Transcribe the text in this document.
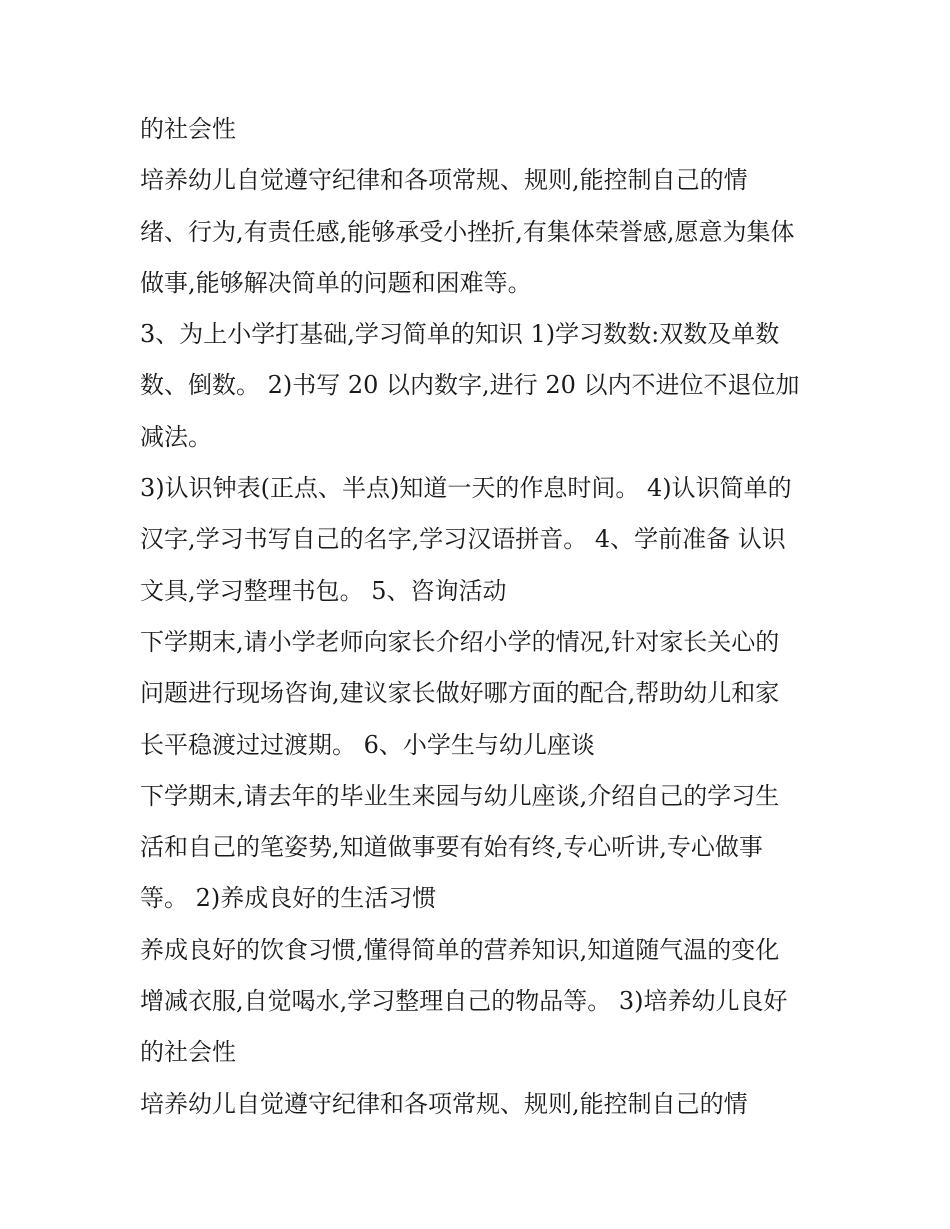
的社会性
培养幼儿自觉遵守纪律和各项常规、规则,能控制自己的情
绪、行为,有责任感,能够承受小挫折,有集体荣誉感,愿意为集体
做事,能够解决简单的问题和困难等。
3、为上小学打基础,学习简单的知识 1)学习数数:双数及单数
数、倒数。 2)书写 20 以内数字,进行 20 以内不进位不退位加
减法。
3)认识钟表(正点、半点)知道一天的作息时间。 4)认识简单的
汉字,学习书写自己的名字,学习汉语拼音。 4、学前准备 认识
文具,学习整理书包。 5、咨询活动
下学期末,请小学老师向家长介绍小学的情况,针对家长关心的
问题进行现场咨询,建议家长做好哪方面的配合,帮助幼儿和家
长平稳渡过过渡期。 6、小学生与幼儿座谈
下学期末,请去年的毕业生来园与幼儿座谈,介绍自己的学习生
活和自己的笔姿势,知道做事要有始有终,专心听讲,专心做事
等。 2)养成良好的生活习惯
养成良好的饮食习惯,懂得简单的营养知识,知道随气温的变化
增减衣服,自觉喝水,学习整理自己的物品等。 3)培养幼儿良好
的社会性
培养幼儿自觉遵守纪律和各项常规、规则,能控制自己的情
